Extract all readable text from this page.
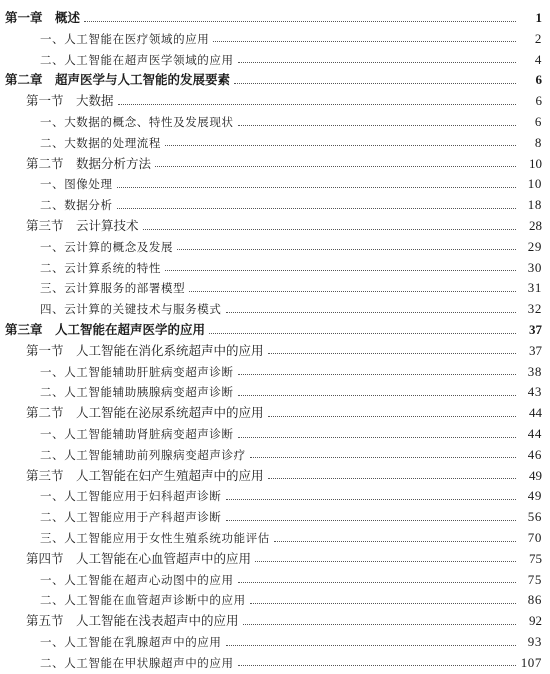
第一章　概述	1
一、人工智能在医疗领域的应用	2
二、人工智能在超声医学领域的应用	4
第二章　超声医学与人工智能的发展要素	6
第一节　大数据	6
一、大数据的概念、特性及发展现状	6
二、大数据的处理流程	8
第二节　数据分析方法	10
一、图像处理	10
二、数据分析	18
第三节　云计算技术	28
一、云计算的概念及发展	29
二、云计算系统的特性	30
三、云计算服务的部署模型	31
四、云计算的关键技术与服务模式	32
第三章　人工智能在超声医学的应用	37
第一节　人工智能在消化系统超声中的应用	37
一、人工智能辅助肝脏病变超声诊断	38
二、人工智能辅助胰腺病变超声诊断	43
第二节　人工智能在泌尿系统超声中的应用	44
一、人工智能辅助肾脏病变超声诊断	44
二、人工智能辅助前列腺病变超声诊疗	46
第三节　人工智能在妇产生殖超声中的应用	49
一、人工智能应用于妇科超声诊断	49
二、人工智能应用于产科超声诊断	56
三、人工智能应用于女性生殖系统功能评估	70
第四节　人工智能在心血管超声中的应用	75
一、人工智能在超声心动图中的应用	75
二、人工智能在血管超声诊断中的应用	86
第五节　人工智能在浅表超声中的应用	92
一、人工智能在乳腺超声中的应用	93
二、人工智能在甲状腺超声中的应用	107
